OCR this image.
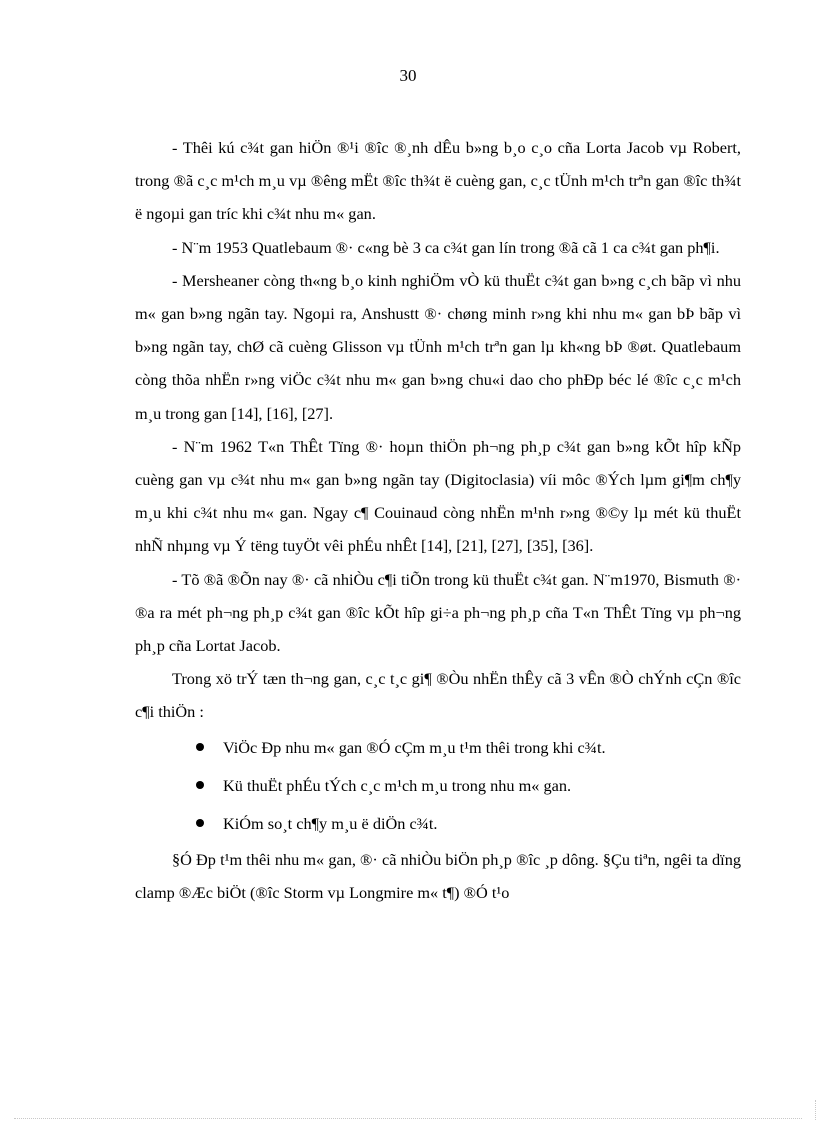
30

- Thêi kú c¾t gan hiÖn ®¹i ®îc ®¸nh dÊu b»ng b¸o c¸o cña Lorta Jacob vµ Robert, trong ®ã c¸c m¹ch m¸u vµ ®êng mËt ®îc th¾t ë cuèng gan, c¸c tÜnh m¹ch trªn gan ®îc th¾t ë ngoµi gan tríc khi c¾t nhu m« gan.

- N¨m 1953 Quatlebaum ®· c«ng bè 3 ca c¾t gan lín trong ®ã cã 1 ca c¾t gan ph¶i.

- Mersheaner còng th«ng b¸o kinh nghiÖm vÒ kü thuËt c¾t gan b»ng c¸ch bãp vì nhu m« gan b»ng ngãn tay. Ngoµi ra, Anshustt ®· chøng minh r»ng khi nhu m« gan bÞ bãp vì b»ng ngãn tay, chØ cã cuèng Glisson vµ tÜnh m¹ch trªn gan lµ kh«ng bÞ ®øt. Quatlebaum còng thõa nhËn r»ng viÖc c¾t nhu m« gan b»ng chu«i dao cho phÐp béc lé ®îc c¸c m¹ch m¸u trong gan [14], [16], [27].

- N¨m 1962 T«n ThÊt Tïng ®· hoµn thiÖn ph¬ng ph¸p c¾t gan b»ng kÕt hîp kÑp cuèng gan vµ c¾t nhu m« gan b»ng ngãn tay (Digitoclasia) víi môc ®Ých lµm gi¶m ch¶y m¸u khi c¾t nhu m« gan. Ngay c¶ Couinaud còng nhËn m¹nh r»ng ®©y lµ mét kü thuËt nhÑ nhµng vµ Ý tëng tuyÖt vêi phÉu nhÊt [14], [21], [27], [35], [36].

- Tõ ®ã ®Õn nay ®· cã nhiÒu c¶i tiÕn trong kü thuËt c¾t gan. N¨m1970, Bismuth ®· ®a ra mét ph¬ng ph¸p c¾t gan ®îc kÕt hîp gi÷a ph¬ng ph¸p cña T«n ThÊt Tïng vµ ph¬ng ph¸p cña Lortat Jacob.

Trong xö trÝ tæn th¬ng gan, c¸c t¸c gi¶ ®Òu nhËn thÊy cã 3 vÊn ®Ò chÝnh cÇn ®îc c¶i thiÖn :

ViÖc Ðp nhu m« gan ®Ó cÇm m¸u t¹m thêi trong khi c¾t.
Kü thuËt phÉu tÝch c¸c m¹ch m¸u trong nhu m« gan.
KiÓm so¸t ch¶y m¸u ë diÖn c¾t.

§Ó Ðp t¹m thêi nhu m« gan, ®· cã nhiÒu biÖn ph¸p ®îc ¸p dông. §Çu tiªn, ngêi ta dïng clamp ®Æc biÖt (®îc Storm vµ Longmire m« t¶) ®Ó t¹o
